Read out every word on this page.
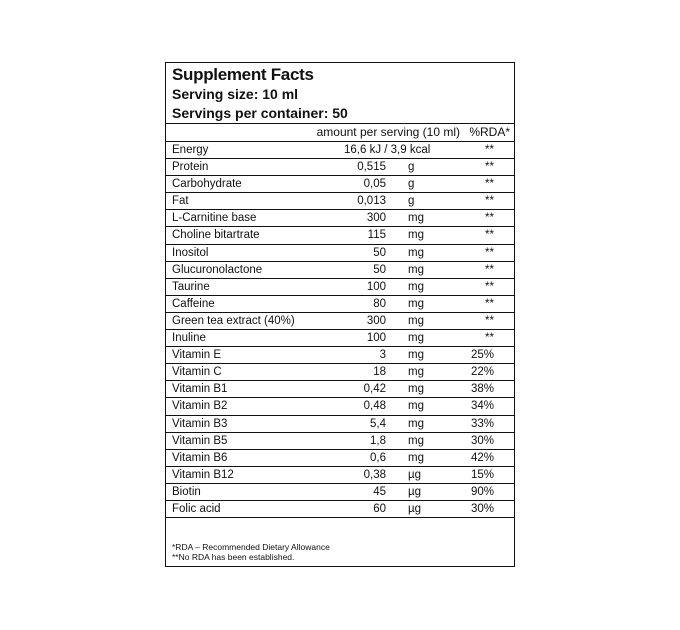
Supplement Facts
Serving size: 10 ml
Servings per container: 50
amount per serving (10 ml) %RDA*
Energy	16,6 kJ / 3,9 kcal	**
Protein	0,515 g	**
Carbohydrate	0,05 g	**
Fat	0,013 g	**
L-Carnitine base	300 mg	**
Choline bitartrate	115 mg	**
Inositol	50 mg	**
Glucuronolactone	50 mg	**
Taurine	100 mg	**
Caffeine	80 mg	**
Green tea extract (40%)	300 mg	**
Inuline	100 mg	**
Vitamin E	3 mg	25%
Vitamin C	18 mg	22%
Vitamin B1	0,42 mg	38%
Vitamin B2	0,48 mg	34%
Vitamin B3	5,4 mg	33%
Vitamin B5	1,8 mg	30%
Vitamin B6	0,6 mg	42%
Vitamin B12	0,38 µg	15%
Biotin	45 µg	90%
Folic acid	60 µg	30%
*RDA – Recommended Dietary Allowance
**No RDA has been established.
